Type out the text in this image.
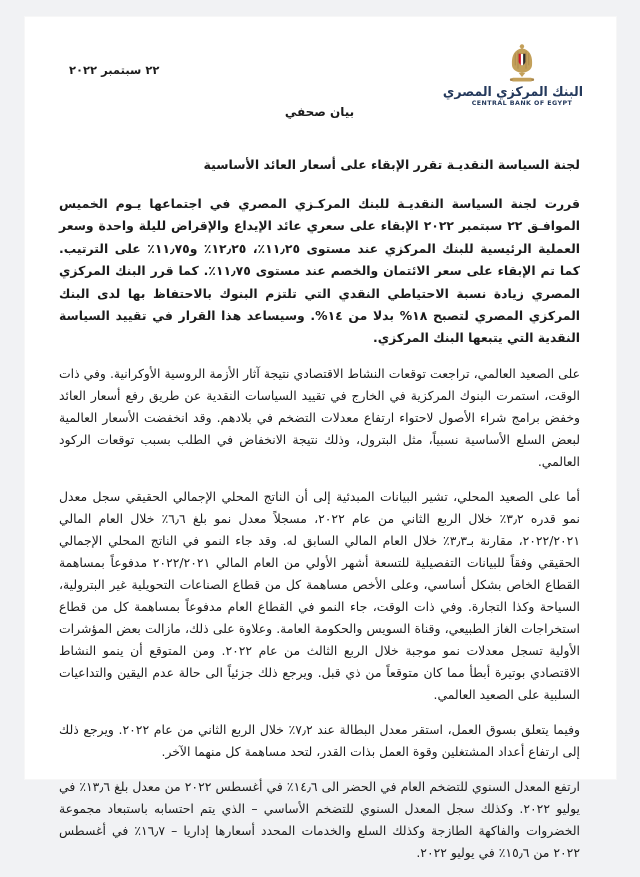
٢٢ سبتمبر ٢٠٢٢
البنك المركزي المصري
CENTRAL BANK OF EGYPT
بيان صحفي
لجنة السياسة النقديـة تقرر الإبقاء على أسعار العائد الأساسية

قررت لجنة السياسة النقديـة للبنك المركـزي المصري في اجتماعها يـوم الخميس الموافـق ٢٢ سبتمبر ٢٠٢٢ الإبقاء على سعري عائد الإيداع والإقراض لليلة واحدة وسعر العملية الرئيسية للبنك المركزي عند مستوى ١١٫٢٥٪، ١٢٫٢٥٪ و١١٫٧٥٪ على الترتيب. كما تم الإبقاء على سعر الائتمان والخصم عند مستوى ١١٫٧٥٪. كما قرر البنك المركزي المصري زيادة نسبة الاحتياطي النقدي التي تلتزم البنوك بالاحتفاظ بها لدى البنك المركزي المصري لتصبح ١٨% بدلا من ١٤%. وسيساعد هذا القرار في تقييد السياسة النقدية التي يتبعها البنك المركزي.

على الصعيد العالمي، تراجعت توقعات النشاط الاقتصادي نتيجة آثار الأزمة الروسية الأوكرانية. وفي ذات الوقت، استمرت البنوك المركزية في الخارج في تقييد السياسات النقدية عن طريق رفع أسعار العائد وخفض برامج شراء الأصول لاحتواء ارتفاع معدلات التضخم في بلادهم. وقد انخفضت الأسعار العالمية لبعض السلع الأساسية نسبياً، مثل البترول، وذلك نتيجة الانخفاض في الطلب بسبب توقعات الركود العالمي.

أما على الصعيد المحلي، تشير البيانات المبدئية إلى أن الناتج المحلي الإجمالي الحقيقي سجل معدل نمو قدره ٣٫٢٪ خلال الربع الثاني من عام ٢٠٢٢، مسجلاً معدل نمو بلغ ٦٫٦٪ خلال العام المالي ٢٠٢٢/٢٠٢١، مقارنة بـ٣٫٣٪ خلال العام المالي السابق له. وقد جاء النمو في الناتج المحلي الإجمالي الحقيقي وفقاً للبيانات التفصيلية للتسعة أشهر الأولي من العام المالي ٢٠٢٢/٢٠٢١ مدفوعاً بمساهمة القطاع الخاص بشكل أساسي، وعلى الأخص مساهمة كل من قطاع الصناعات التحويلية غير البترولية، السياحة وكذا التجارة. وفي ذات الوقت، جاء النمو في القطاع العام مدفوعاً بمساهمة كل من قطاع استخراجات الغاز الطبيعي، وقناة السويس والحكومة العامة. وعلاوة على ذلك، مازالت بعض المؤشرات الأولية تسجل معدلات نمو موجبة خلال الربع الثالث من عام ٢٠٢٢. ومن المتوقع أن ينمو النشاط الاقتصادي بوتيرة أبطأ مما كان متوقعاً من ذي قبل. ويرجع ذلك جزئياً الى حالة عدم اليقين والتداعيات السلبية على الصعيد العالمي.

وفيما يتعلق بسوق العمل، استقر معدل البطالة عند ٧٫٢٪ خلال الربع الثاني من عام ٢٠٢٢. ويرجع ذلك إلى ارتفاع أعداد المشتغلين وقوة العمل بذات القدر، لتحد مساهمة كل منهما الآخر.

ارتفع المعدل السنوي للتضخم العام في الحضر الى ١٤٫٦٪ في أغسطس ٢٠٢٢ من معدل بلغ ١٣٫٦٪ في يوليو ٢٠٢٢. وكذلك سجل المعدل السنوي للتضخم الأساسي – الذي يتم احتسابه باستبعاد مجموعة الخضروات والفاكهة الطازجة وكذلك السلع والخدمات المحدد أسعارها إداريا – ١٦٫٧٪ في أغسطس ٢٠٢٢ من ١٥٫٦٪ في يوليو ٢٠٢٢.
